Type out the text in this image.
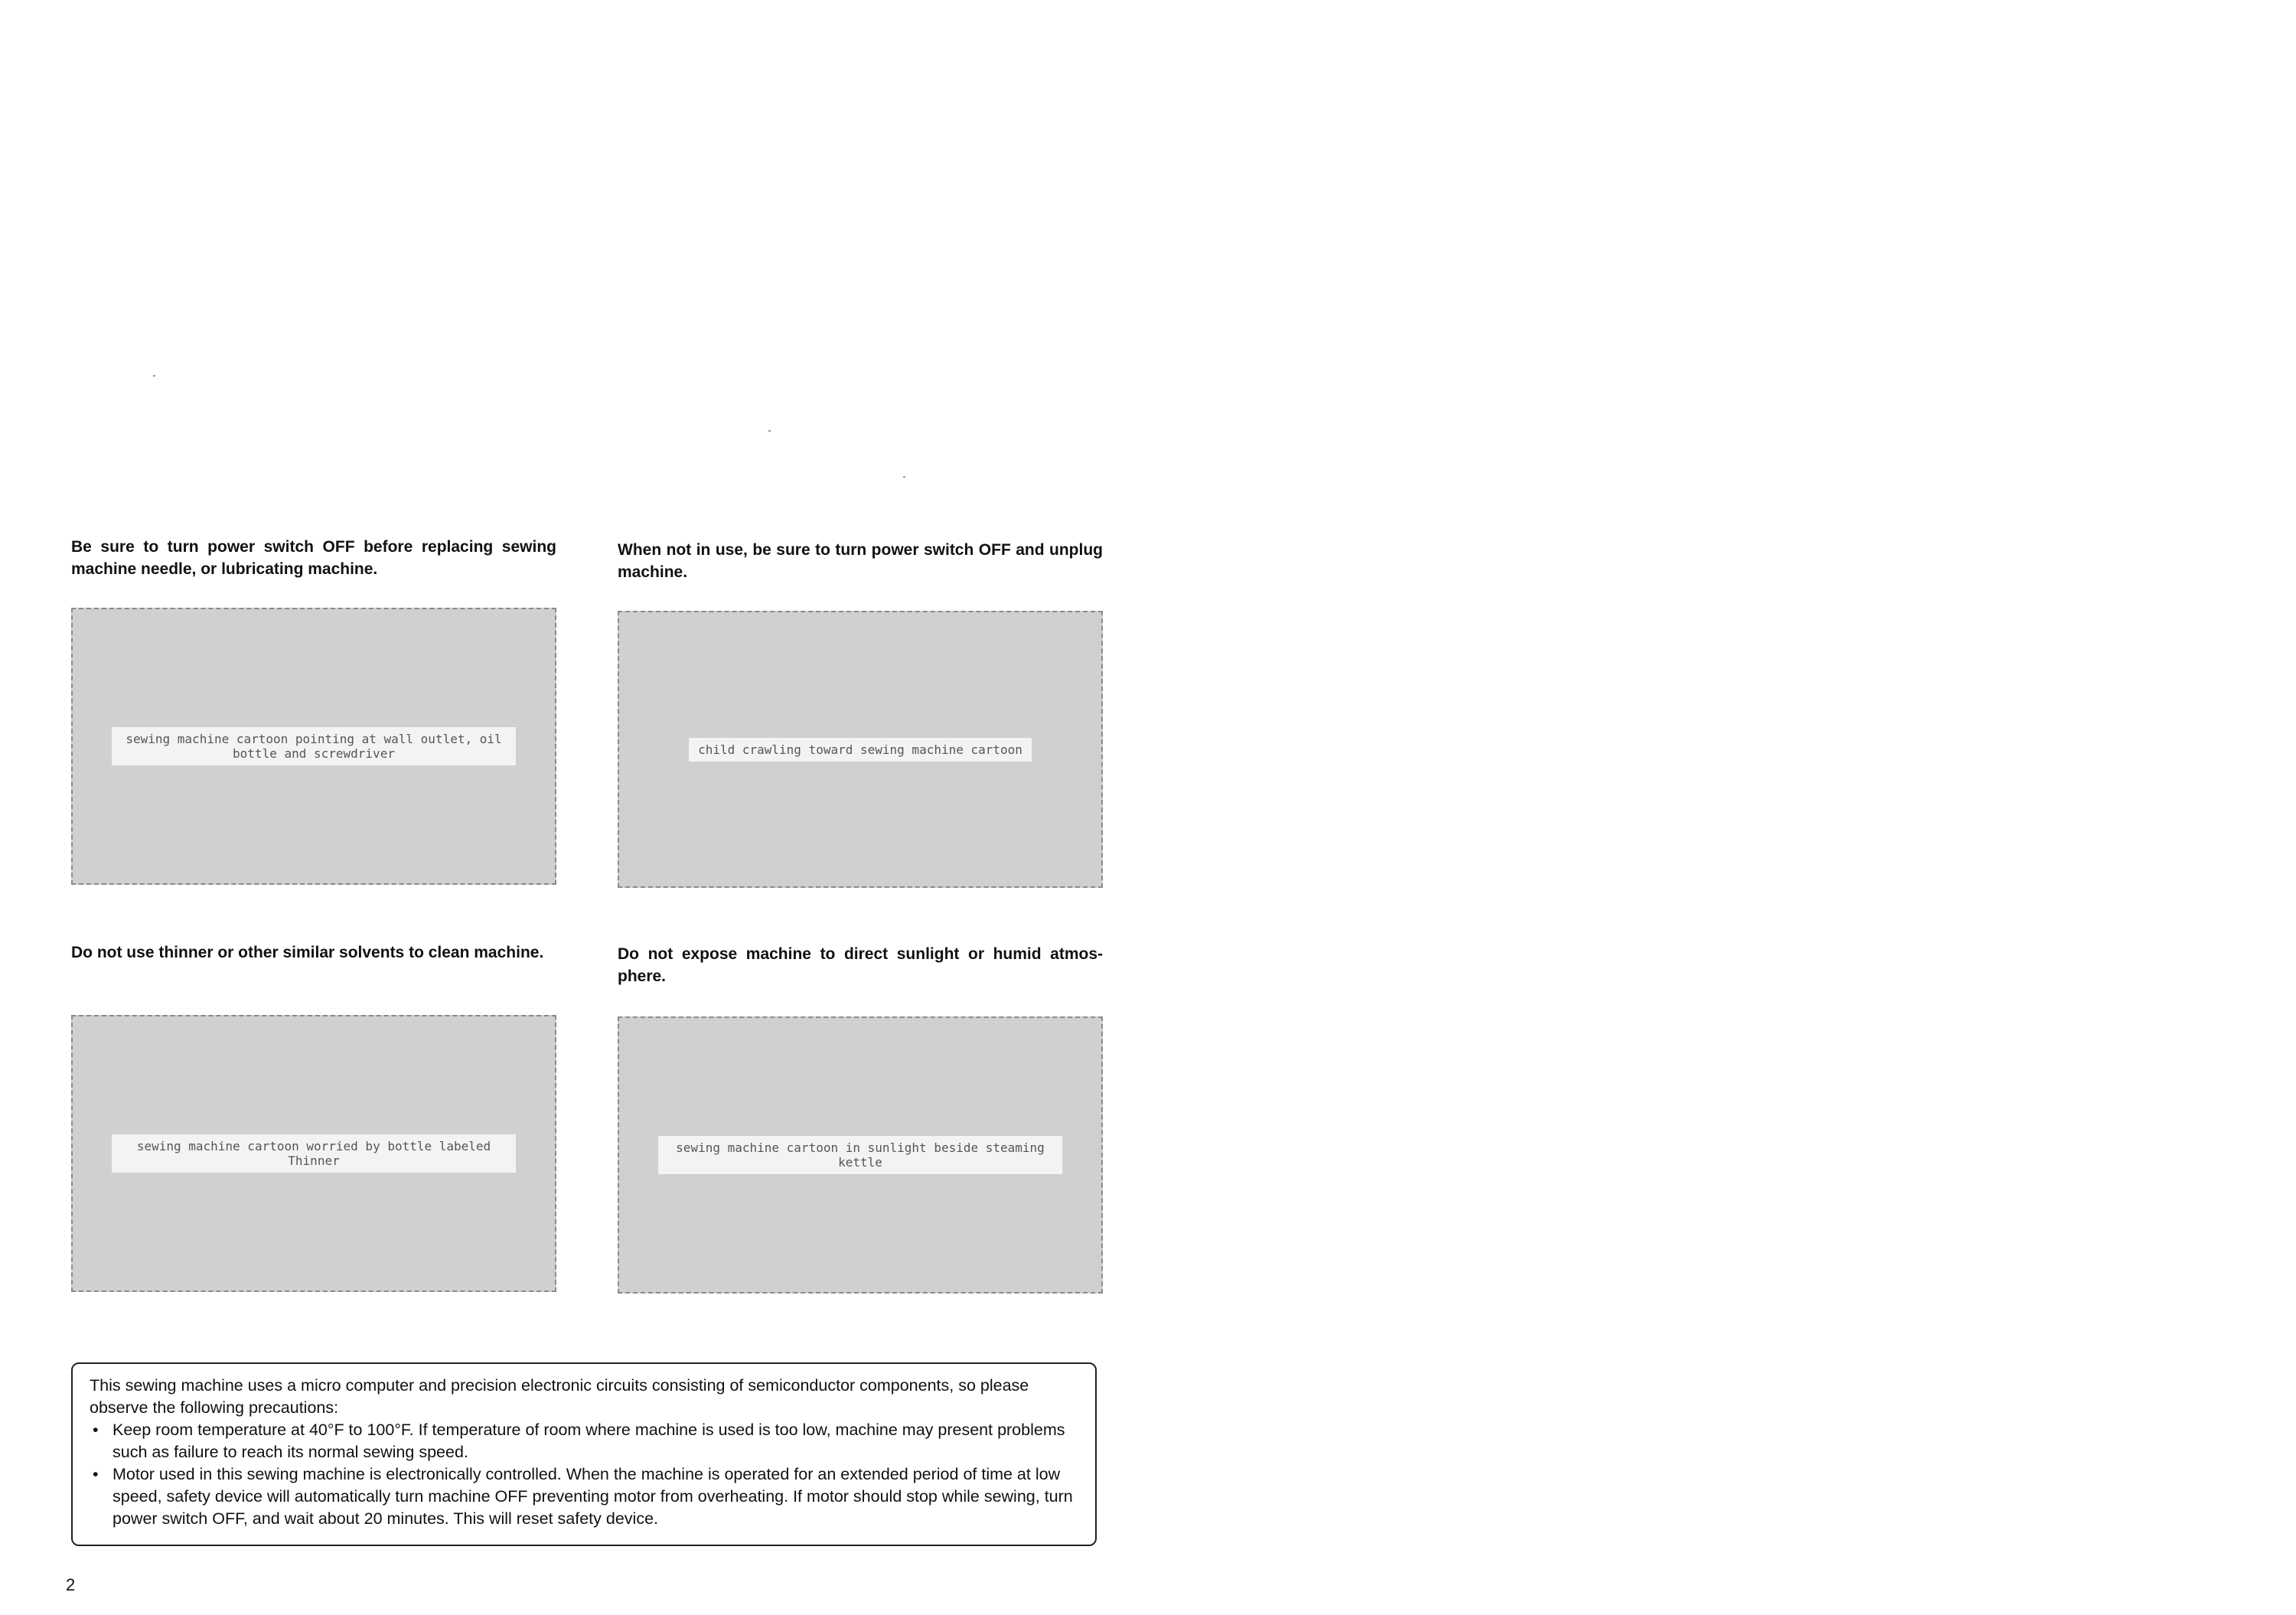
Be sure to turn power switch OFF before replacing sewing machine needle, or lubricating machine.

sewing machine cartoon pointing at wall outlet, oil bottle and screwdriver

When not in use, be sure to turn power switch OFF and unplug machine.

child crawling toward sewing machine cartoon

Do not use thinner or other similar solvents to clean machine.

sewing machine cartoon worried by bottle labeled Thinner

Do not expose machine to direct sunlight or humid atmos-phere.

sewing machine cartoon in sunlight beside steaming kettle

This sewing machine uses a micro computer and precision electronic circuits consisting of semiconductor components, so please observe the following precautions:

• Keep room temperature at 40°F to 100°F. If temperature of room where machine is used is too low, machine may present problems such as failure to reach its normal sewing speed.
• Motor used in this sewing machine is electronically controlled. When the machine is operated for an extended period of time at low speed, safety device will automatically turn machine OFF preventing motor from overheating. If motor should stop while sewing, turn power switch OFF, and wait about 20 minutes. This will reset safety device.
2
